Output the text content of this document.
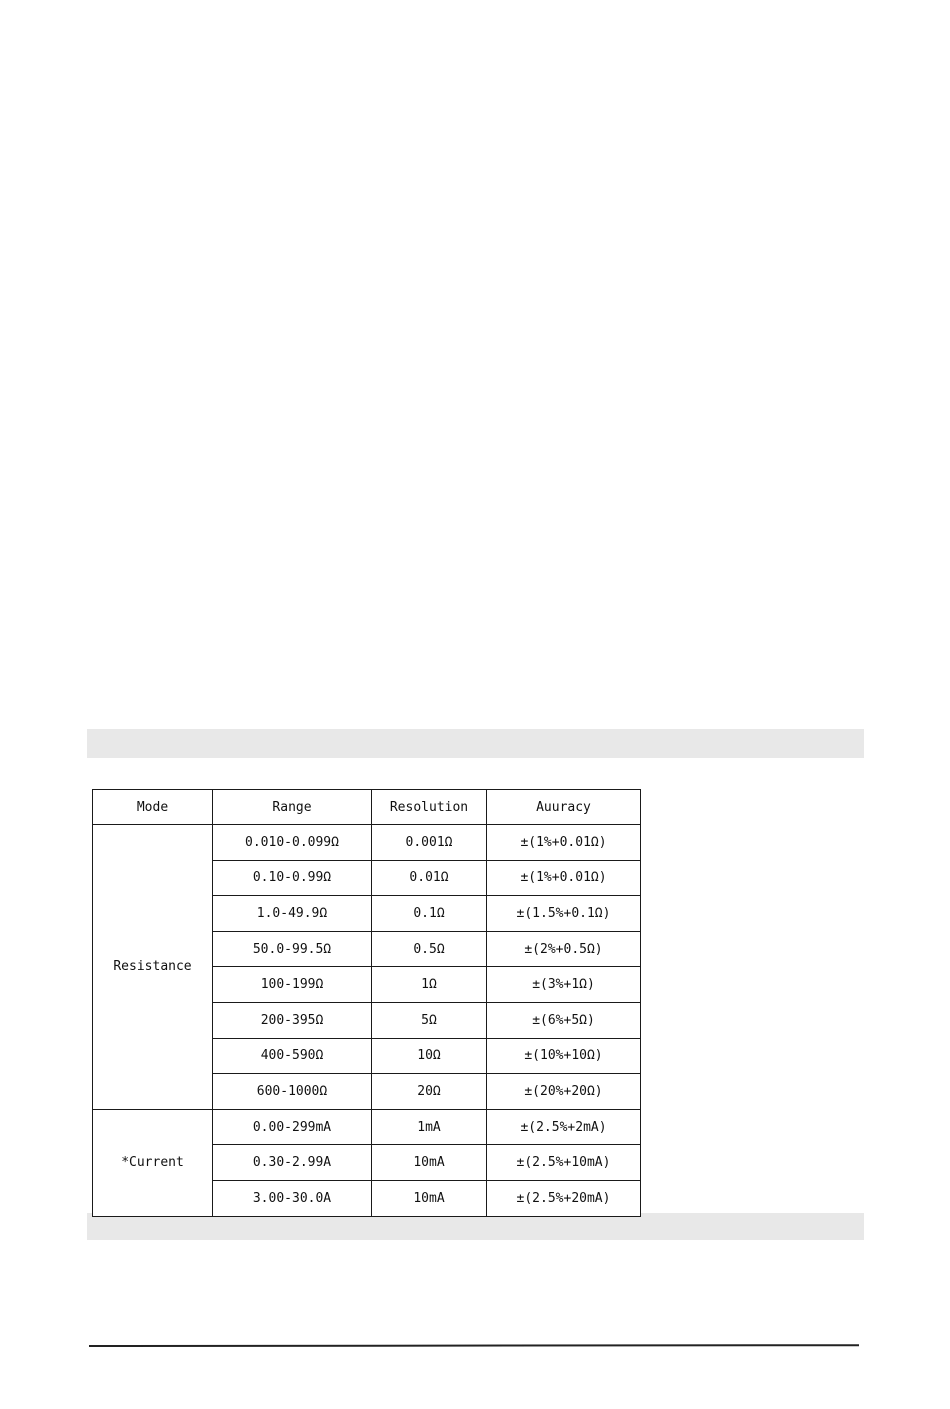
Mode	Range	Resolution	Auuracy
Resistance	0.010-0.099Ω	0.001Ω	±(1%+0.01Ω)
	0.10-0.99Ω	0.01Ω	±(1%+0.01Ω)
	1.0-49.9Ω	0.1Ω	±(1.5%+0.1Ω)
	50.0-99.5Ω	0.5Ω	±(2%+0.5Ω)
	100-199Ω	1Ω	±(3%+1Ω)
	200-395Ω	5Ω	±(6%+5Ω)
	400-590Ω	10Ω	±(10%+10Ω)
	600-1000Ω	20Ω	±(20%+20Ω)
*Current	0.00-299mA	1mA	±(2.5%+2mA)
	0.30-2.99A	10mA	±(2.5%+10mA)
	3.00-30.0A	10mA	±(2.5%+20mA)
